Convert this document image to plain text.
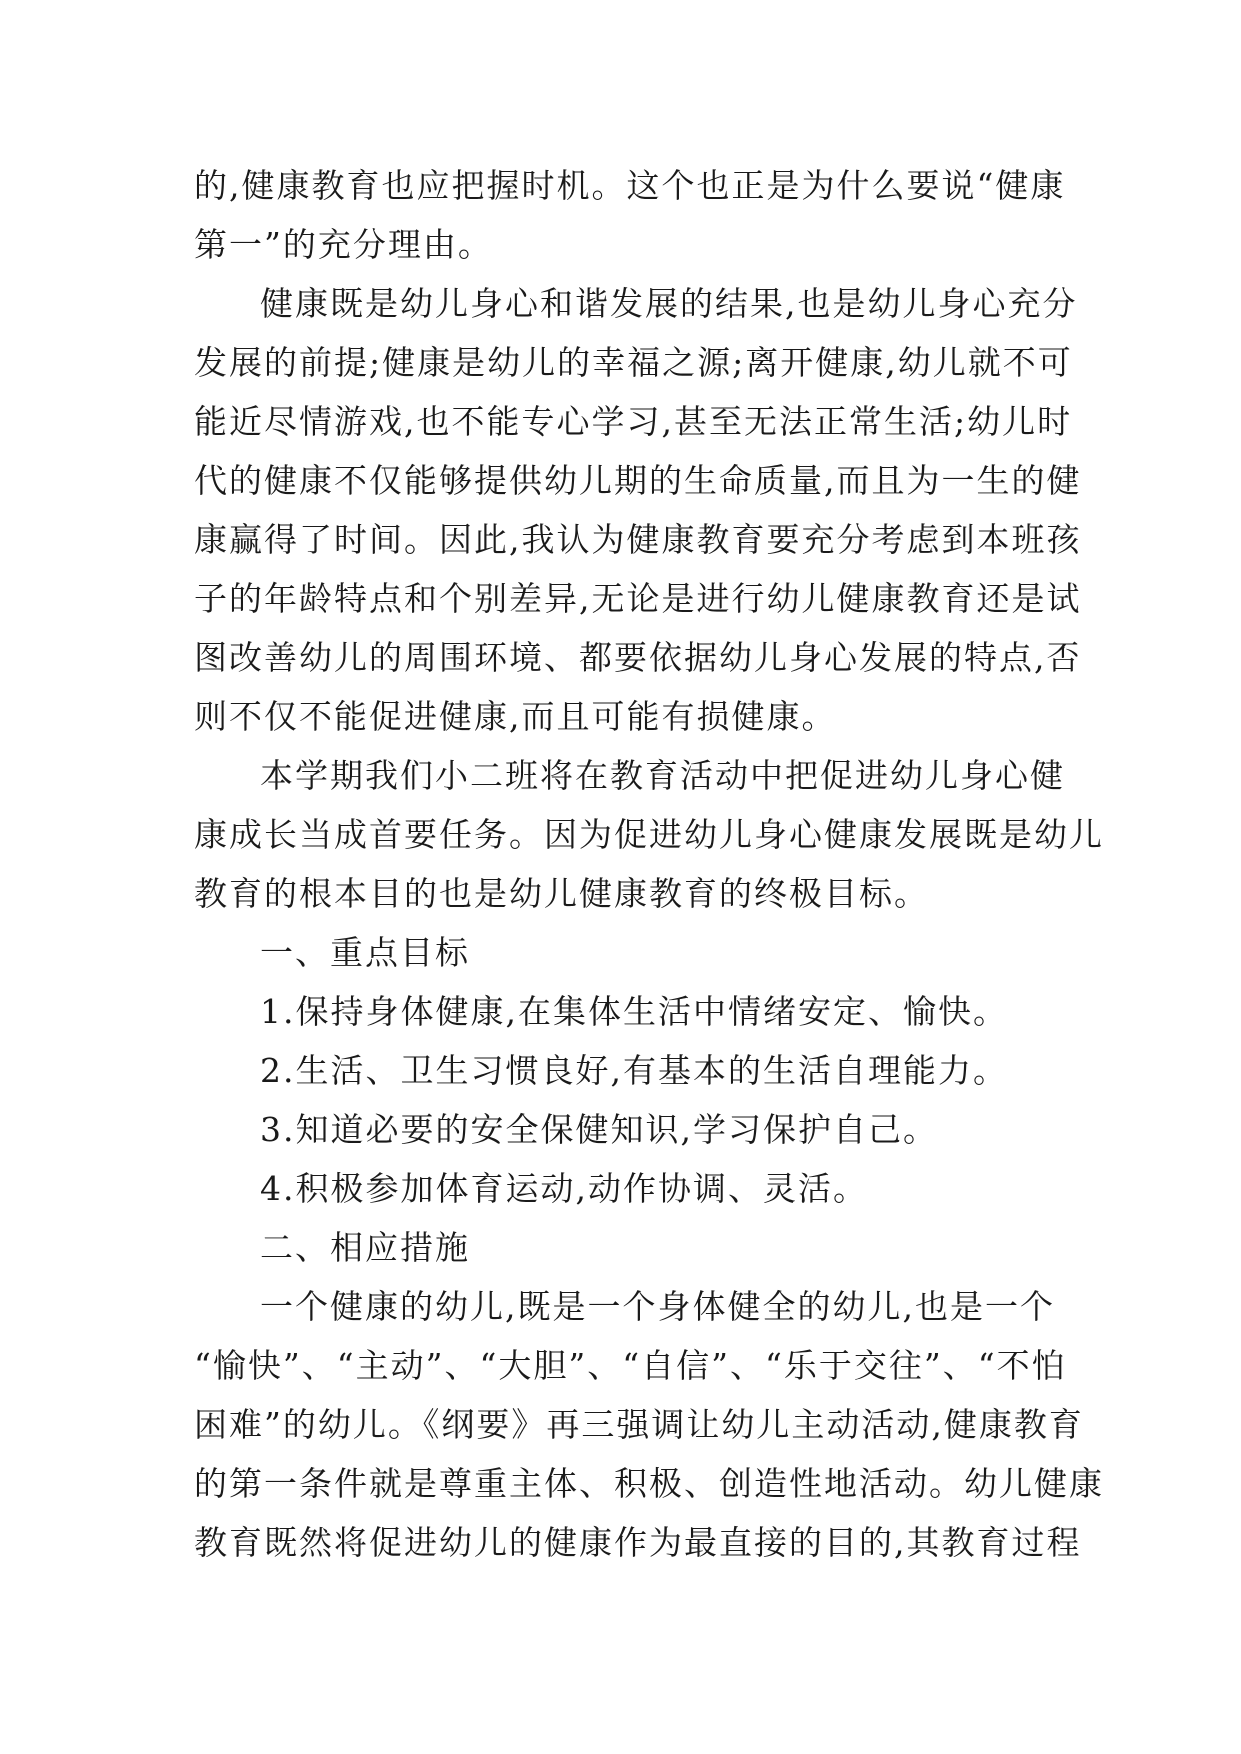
的,健康教育也应把握时机。这个也正是为什么要说“健康
第一”的充分理由。
健康既是幼儿身心和谐发展的结果,也是幼儿身心充分
发展的前提;健康是幼儿的幸福之源;离开健康,幼儿就不可
能近尽情游戏,也不能专心学习,甚至无法正常生活;幼儿时
代的健康不仅能够提供幼儿期的生命质量,而且为一生的健
康赢得了时间。因此,我认为健康教育要充分考虑到本班孩
子的年龄特点和个别差异,无论是进行幼儿健康教育还是试
图改善幼儿的周围环境、都要依据幼儿身心发展的特点,否
则不仅不能促进健康,而且可能有损健康。
本学期我们小二班将在教育活动中把促进幼儿身心健
康成长当成首要任务。因为促进幼儿身心健康发展既是幼儿
教育的根本目的也是幼儿健康教育的终极目标。
一、重点目标
1.保持身体健康,在集体生活中情绪安定、愉快。
2.生活、卫生习惯良好,有基本的生活自理能力。
3.知道必要的安全保健知识,学习保护自己。
4.积极参加体育运动,动作协调、灵活。
二、相应措施
一个健康的幼儿,既是一个身体健全的幼儿,也是一个
“愉快”、“主动”、“大胆”、“自信”、“乐于交往”、“不怕
困难”的幼儿。《纲要》再三强调让幼儿主动活动,健康教育
的第一条件就是尊重主体、积极、创造性地活动。幼儿健康
教育既然将促进幼儿的健康作为最直接的目的,其教育过程
